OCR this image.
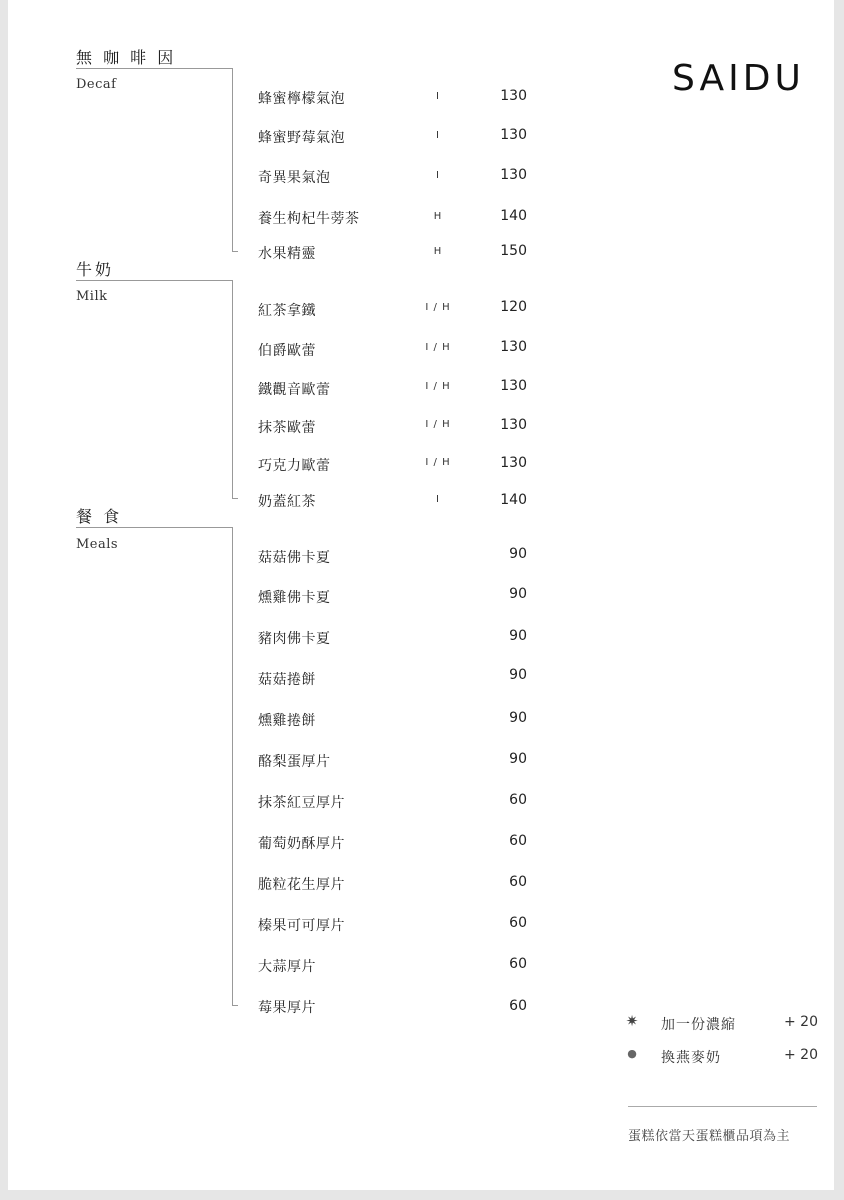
SAIDU
無 咖 啡 因
Decaf
蜂蜜檸檬氣泡	I	130
蜂蜜野莓氣泡	I	130
奇異果氣泡	I	130
養生枸杞牛蒡茶	H	140
水果精靈	H	150
牛奶
Milk
紅茶拿鐵	I / H	120
伯爵歐蕾	I / H	130
鐵觀音歐蕾	I / H	130
抹茶歐蕾	I / H	130
巧克力歐蕾	I / H	130
奶蓋紅茶	I	140
餐 食
Meals
菇菇佛卡夏	90
燻雞佛卡夏	90
豬肉佛卡夏	90
菇菇捲餅	90
燻雞捲餅	90
酪梨蛋厚片	90
抹茶紅豆厚片	60
葡萄奶酥厚片	60
脆粒花生厚片	60
榛果可可厚片	60
大蒜厚片	60
莓果厚片	60
✷ 加一份濃縮	+ 20
● 換燕麥奶	+ 20
蛋糕依當天蛋糕櫃品項為主
